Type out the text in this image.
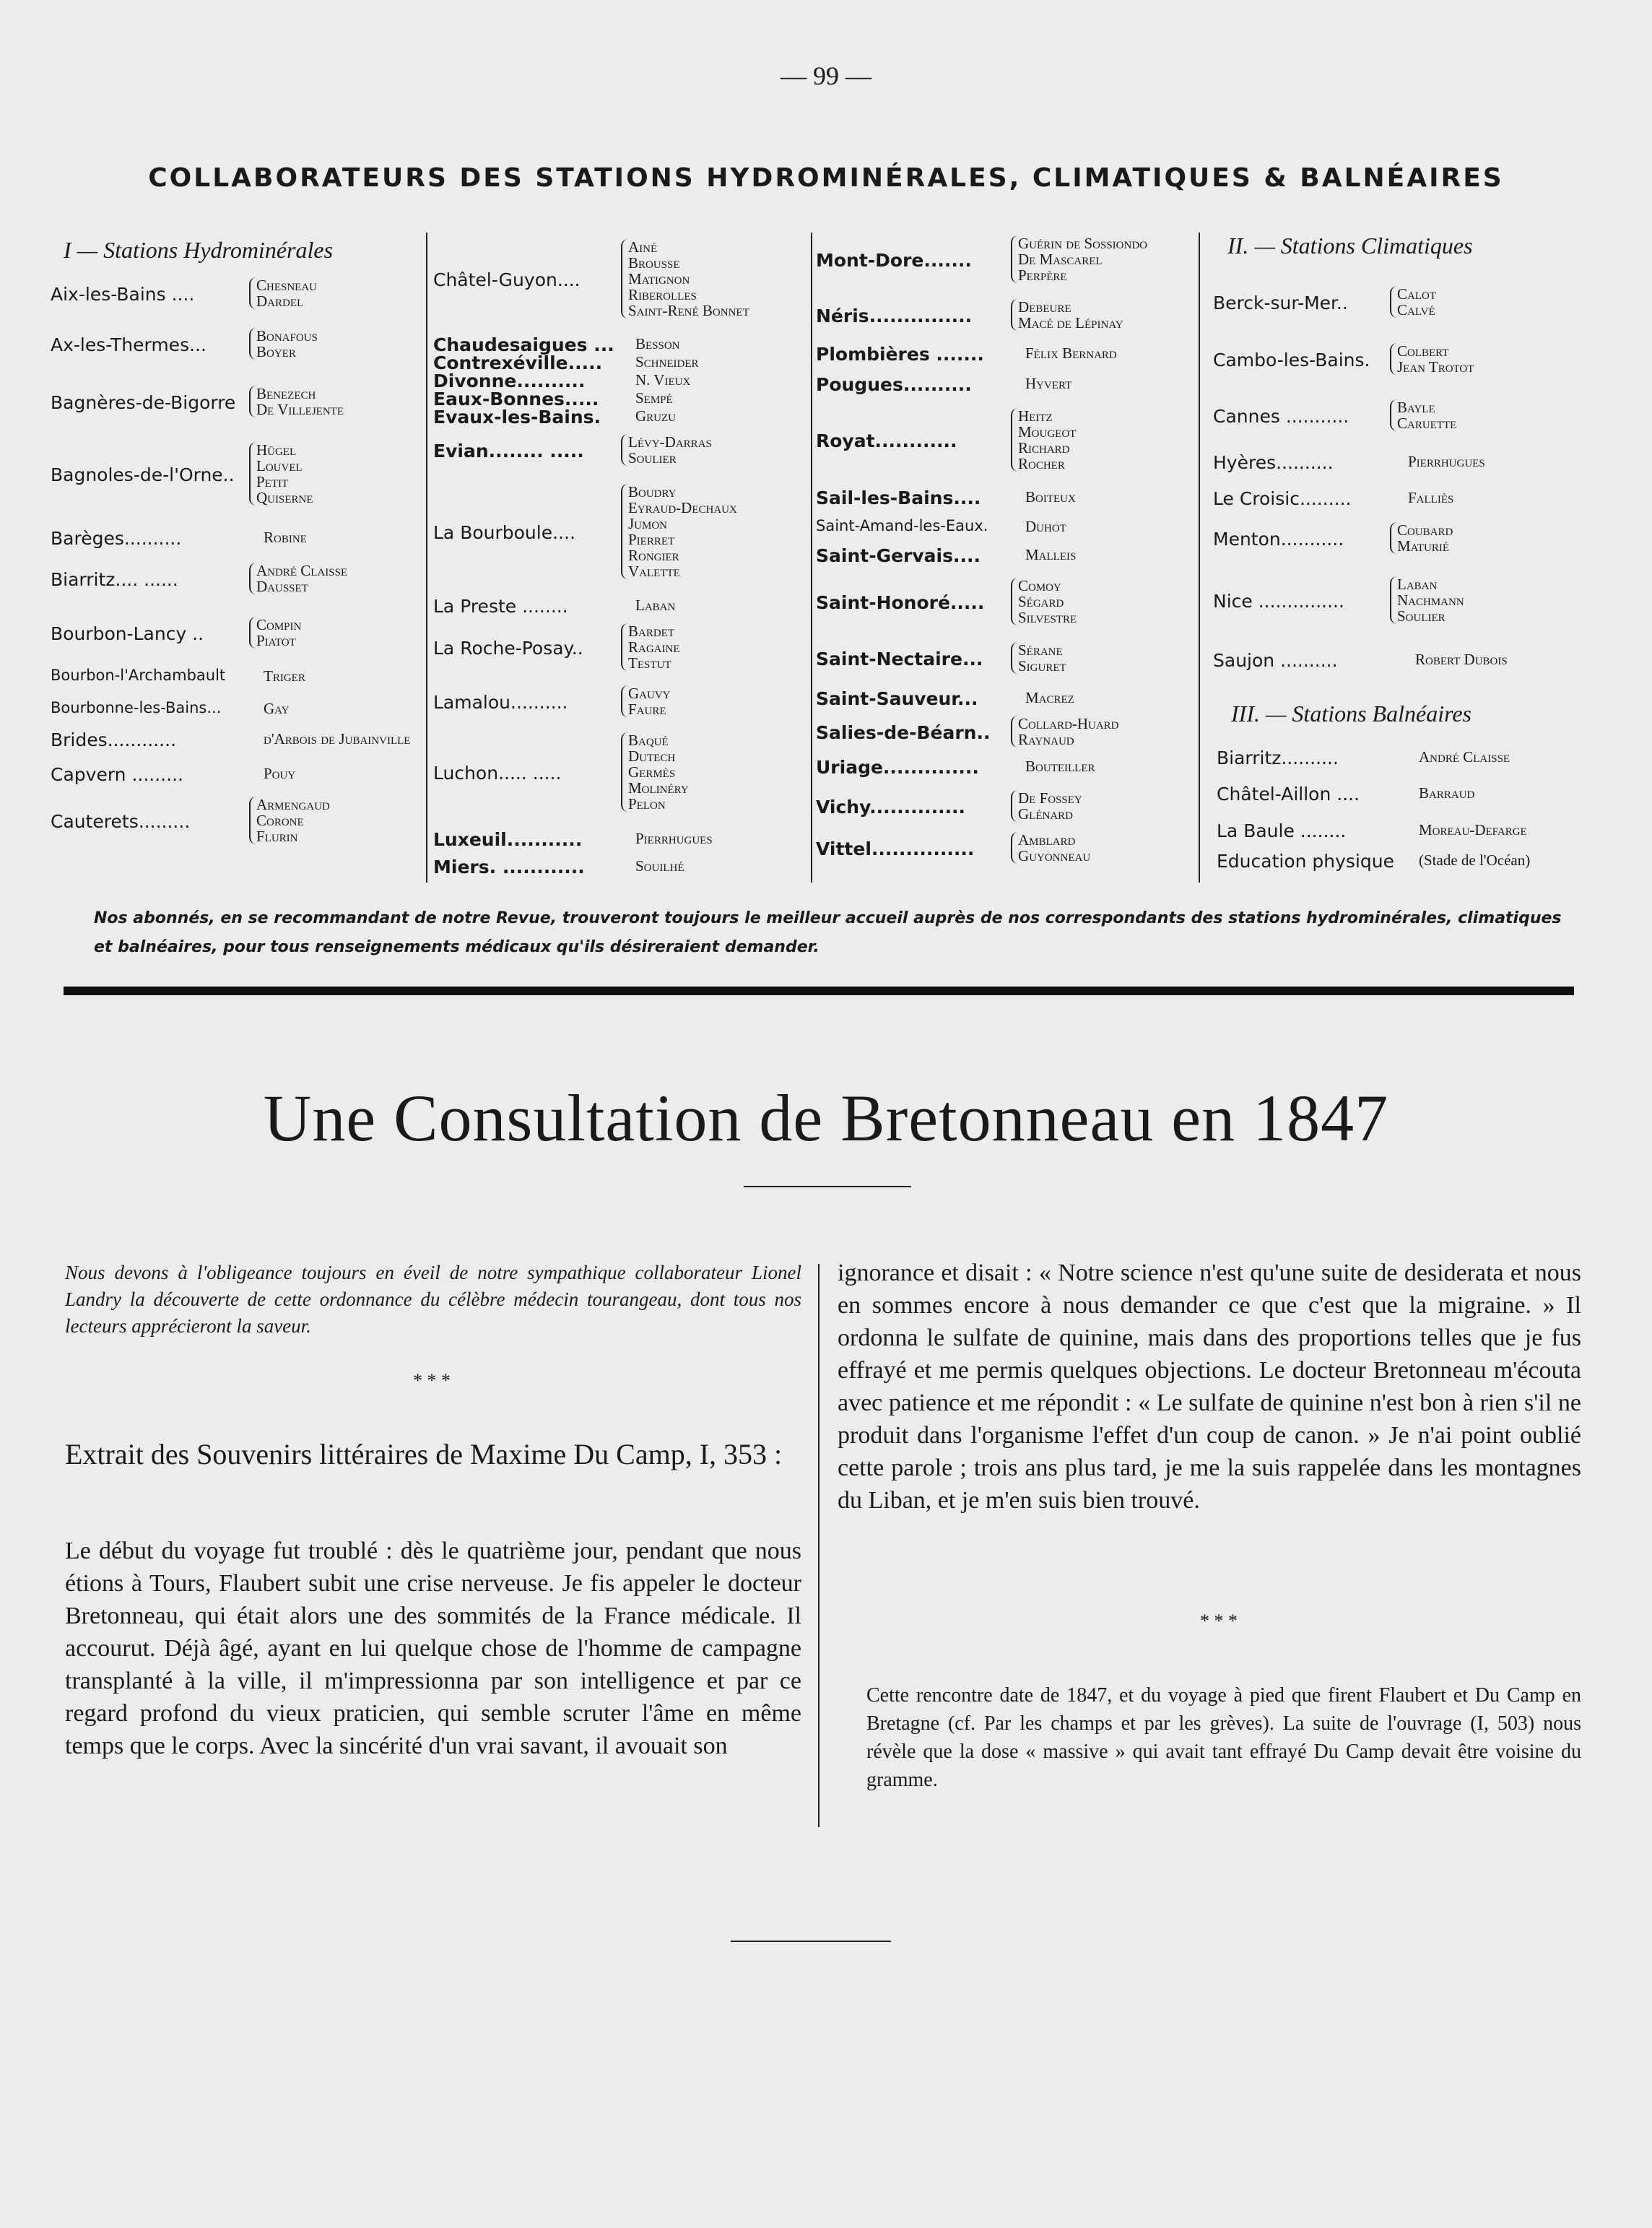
— 99 —
COLLABORATEURS DES STATIONS HYDROMINÉRALES, CLIMATIQUES & BALNÉAIRES
I — Stations Hydrominérales	II. — Stations Climatiques
III. — Stations Balnéaires
Aix-les-Bains ....	Chesneau
Dardel
Ax-les-Thermes...	Bonafous
Boyer
Bagnères-de-Bigorre Benezech
De Villejente
Bagnoles-de-l'Orne..
Hügel
Louvel
Petit
Quiserne
Barèges..........	Robine
Biarritz.... ......	André Claisse
Dausset
Bourbon-Lancy ..	Compin
Piatot
Bourbon-l'Archambault	Triger
Bourbonne-les-Bains...	Gay
Brides............	d'Arbois de Jubainville
Capvern .........	Pouy
Cauterets.........
Armengaud
Corone
Flurin
Châtel-Guyon....
Ainé
Brousse
Matignon
Riberolles
Saint-René Bonnet
Chaudesaigues ... Besson
Contrexéville..... Schneider
Divonne..........	N. Vieux
Eaux-Bonnes..... Sempé
Evaux-les-Bains. Gruzu
Evian........ .....	Lévy-Darras
Soulier
La Bourboule....
Boudry
Eyraud-Dechaux
Jumon
Pierret
Rongier
Valette
La Preste ........	Laban
La Roche-Posay..
Bardet
Ragaine
Testut
Lamalou..........	Gauvy
Faure
Luchon..... .....
Baqué
Dutech
Germès
Molinéry
Pelon
Luxeuil...........	Pierrhugues
Miers. ............	Souilhé
Mont-Dore.......
Guérin de Sossiondo
De Mascarel
Perpère
Néris...............	Debeure
Macé de Lépinay
Plombières .......	Félix Bernard
Pougues..........	Hyvert
Royat............
Heitz
Mougeot
Richard
Rocher
Sail-les-Bains....	Boiteux
Saint-Amand-les-Eaux. Duhot
Saint-Gervais....	Malleis
Saint-Honoré.....
Comoy
Ségard
Silvestre
Saint-Nectaire... Sérane
Siguret
Saint-Sauveur...	Macrez
Salies-de-Béarn.. Collard-Huard
Raynaud
Uriage..............	Bouteiller
Vichy..............	De Fossey
Glénard
Vittel...............	Amblard
Guyonneau
Berck-sur-Mer..	Calot
Calvé
Cambo-les-Bains. Colbert
Jean Trotot
Cannes ...........	Bayle
Caruette
Hyères..........	Pierrhugues
Le Croisic.........	Falliès
Menton...........	Coubard
Maturié
Nice ...............
Laban
Nachmann
Soulier
Saujon ..........	Robert Dubois
Biarritz..........	André Claisse
Châtel-Aillon ....	Barraud
La Baule ........	Moreau-Defarge
Education physique (Stade de l'Océan)
Nos abonnés, en se recommandant de notre Revue, trouveront toujours le meilleur accueil auprès de nos correspondants des stations hydrominérales, climatiques et balnéaires, pour tous renseignements médicaux qu'ils désireraient demander.
Une Consultation de Bretonneau en 1847
Nous devons à l'obligeance toujours en éveil de notre sympathique collaborateur Lionel Landry la découverte de cette ordonnance du célèbre médecin tourangeau, dont tous nos lecteurs apprécieront la saveur.
* * *
Extrait des Souvenirs littéraires de Maxime Du Camp, I, 353 :
Le début du voyage fut troublé : dès le quatrième jour, pendant que nous étions à Tours, Flaubert subit une crise nerveuse. Je fis appeler le docteur Bretonneau, qui était alors une des sommités de la France médicale. Il accourut. Déjà âgé, ayant en lui quelque chose de l'homme de campagne transplanté à la ville, il m'impressionna par son intelligence et par ce regard profond du vieux praticien, qui semble scruter l'âme en même temps que le corps. Avec la sincérité d'un vrai savant, il avouait son
ignorance et disait : « Notre science n'est qu'une suite de desiderata et nous en sommes encore à nous demander ce que c'est que la migraine. » Il ordonna le sulfate de quinine, mais dans des proportions telles que je fus effrayé et me permis quelques objections. Le docteur Bretonneau m'écouta avec patience et me répondit : « Le sulfate de quinine n'est bon à rien s'il ne produit dans l'organisme l'effet d'un coup de canon. » Je n'ai point oublié cette parole ; trois ans plus tard, je me la suis rappelée dans les montagnes du Liban, et je m'en suis bien trouvé.
* * *
Cette rencontre date de 1847, et du voyage à pied que firent Flaubert et Du Camp en Bretagne (cf. Par les champs et par les grèves). La suite de l'ouvrage (I, 503) nous révèle que la dose « massive » qui avait tant effrayé Du Camp devait être voisine du gramme.
